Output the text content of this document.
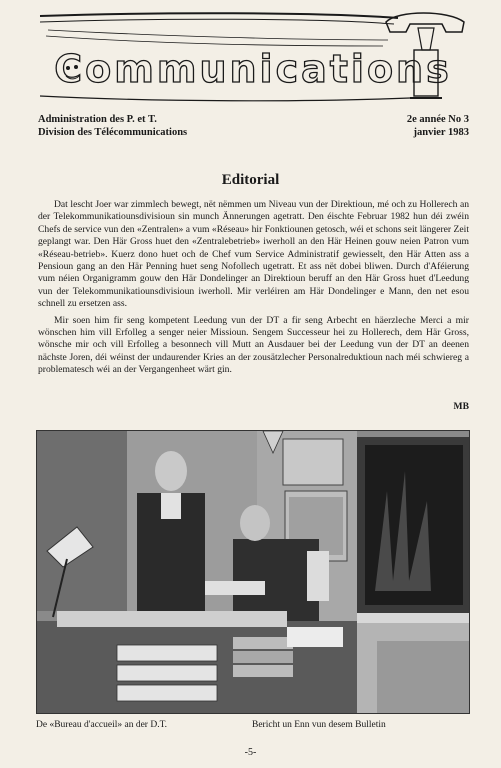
Communications
Administration des P. et T.
Division des Télécommunications
2e année No 3
janvier 1983
Editorial

Dat lescht Joer war zimmlech bewegt, nët nëmmen um Niveau vun der Direktioun, mé och zu Hollerech an der Telekommunikatiounsdivisioun sin munch Ännerungen agetratt. Den éischte Februar 1982 hun déi zwéin Chefs de service vun den «Zentralen» a vum «Réseau» hir Fonktiounen getosch, wéi et schons seit längerer Zeit geplangt war. Den Här Gross huet den «Zentralebetrieb» iwerholl an den Här Heinen gouw neien Patron vum «Réseau-betrieb». Kuerz dono huet och de Chef vum Service Administratif gewiesselt, den Här Atten ass a Pensioun gang an den Här Penning huet seng Nofollech ugetratt. Et ass nët dobei bliwen. Durch d'Aféierung vum néien Organigramm gouw den Här Dondelinger an Direktioun beruff an den Här Gross huet d'Leedung vun der Telekommunikatiounsdivisioun iwerholl. Mir verléiren am Här Dondelinger e Mann, den net esou schnell zu ersetzen ass.

Mir soen him fir seng kompetent Leedung vun der DT a fir seng Arbecht en häerzleche Merci a mir wönschen him vill Erfolleg a senger neier Missioun. Sengem Successeur hei zu Hollerech, dem Här Gross, wönsche mir och vill Erfolleg a besonnech vill Mutt an Ausdauer bei der Leedung vun der DT an deenen nächste Joren, déi wéinst der undaurender Kries an der zousätzlecher Personalreduktioun nach méi schwiereg a problematesch wéi an der Vergangenheet wärt gin.

MB
De «Bureau d'accueil» an der D.T.	Bericht un Enn vun desem Bulletin
-5-
